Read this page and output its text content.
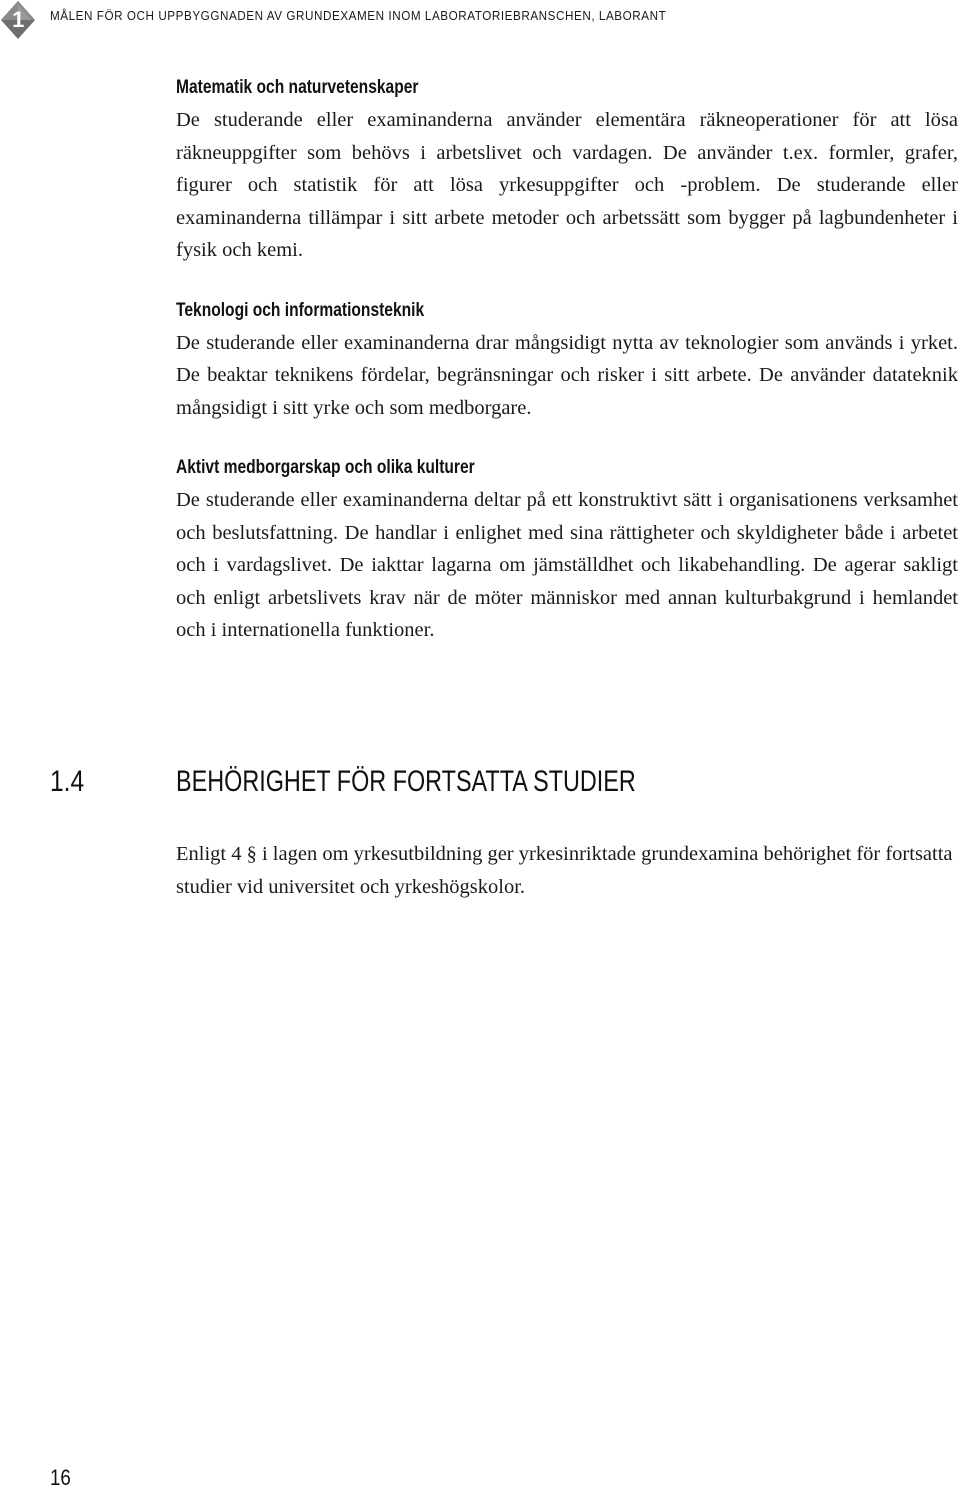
1	MÅLEN FÖR OCH UPPBYGGNADEN AV GRUNDEXAMEN INOM LABORATORIEBRANSCHEN, LABORANT
Matematik och naturvetenskaper

De studerande eller examinanderna använder elementära räkneoperationer för att lösa räkneuppgifter som behövs i arbetslivet och vardagen. De använder t.ex. formler, grafer, figurer och statistik för att lösa yrkesuppgifter och -problem. De studerande eller examinanderna tillämpar i sitt arbete metoder och arbetssätt som bygger på lagbundenheter i fysik och kemi.

Teknologi och informationsteknik

De studerande eller examinanderna drar mångsidigt nytta av teknologier som används i yrket. De beaktar teknikens fördelar, begränsningar och risker i sitt arbete. De använder datateknik mångsidigt i sitt yrke och som medborgare.

Aktivt medborgarskap och olika kulturer

De studerande eller examinanderna deltar på ett konstruktivt sätt i organisationens verksamhet och beslutsfattning. De handlar i enlighet med sina rättigheter och skyldigheter både i arbetet och i vardagslivet. De iakttar lagarna om jämställdhet och likabehandling. De agerar sakligt och enligt arbetslivets krav när de möter människor med annan kulturbakgrund i hemlandet och i internationella funktioner.

1.4	BEHÖRIGHET FÖR FORTSATTA STUDIER

Enligt 4 § i lagen om yrkesutbildning ger yrkesinriktade grundexamina behörighet för fortsatta studier vid universitet och yrkeshögskolor.

16
